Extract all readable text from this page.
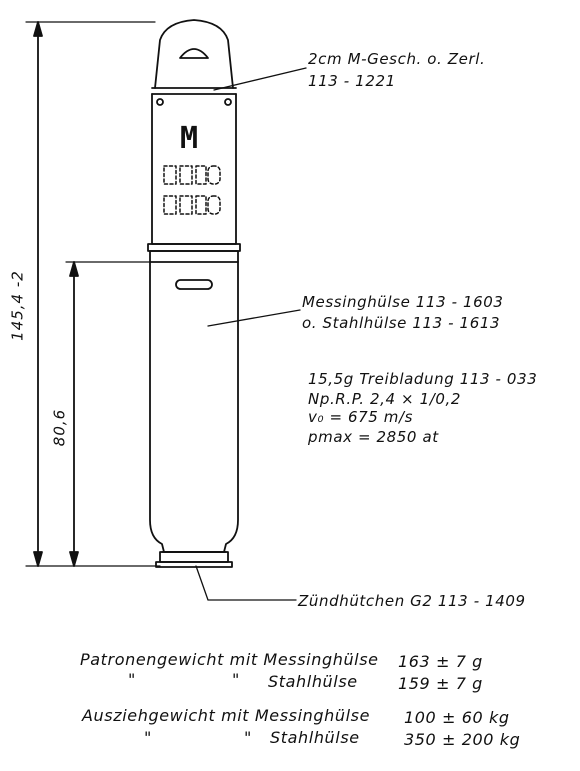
M
145,4 -2
80,6
2cm M-Gesch. o. Zerl.
113 - 1221
Messinghülse 113 - 1603
o. Stahlhülse 113 - 1613
15,5g Treibladung 113 - 033
Np.R.P. 2,4 × 1/0,2
v₀ = 675 m/s
pmax = 2850 at
Zündhütchen G2 113 - 1409
Patronengewicht mit Messinghülse 163 ± 7 g
"	" Stahlhülse	159 ± 7 g
Ausziehgewicht mit Messinghülse 100 ± 60 kg
"	" Stahlhülse	350 ± 200 kg
